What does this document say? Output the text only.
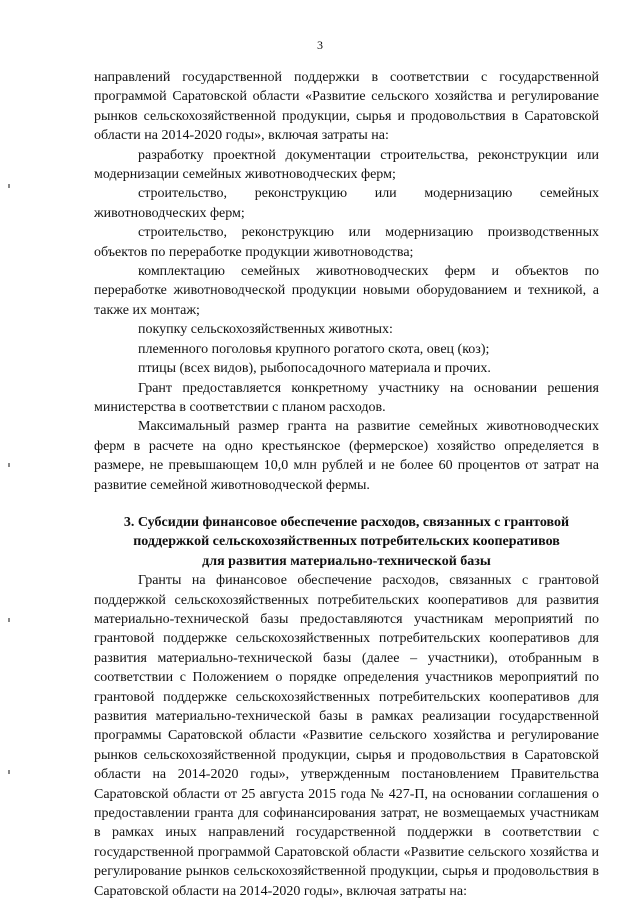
3

направлений государственной поддержки в соответствии с государственной программой Саратовской области «Развитие сельского хозяйства и регулирование рынков сельскохозяйственной продукции, сырья и продовольствия в Саратовской области на 2014-2020 годы», включая затраты на:

разработку проектной документации строительства, реконструкции или модернизации семейных животноводческих ферм;

строительство, реконструкцию или модернизацию семейных животноводческих ферм;

строительство, реконструкцию или модернизацию производственных объектов по переработке продукции животноводства;

комплектацию семейных животноводческих ферм и объектов по переработке животноводческой продукции новыми оборудованием и техникой, а также их монтаж;

покупку сельскохозяйственных животных:

племенного поголовья крупного рогатого скота, овец (коз);

птицы (всех видов), рыбопосадочного материала и прочих.

Грант предоставляется конкретному участнику на основании решения министерства в соответствии с планом расходов.

Максимальный размер гранта на развитие семейных животноводческих ферм в расчете на одно крестьянское (фермерское) хозяйство определяется в размере, не превышающем 10,0 млн рублей и не более 60 процентов от затрат на развитие семейной животноводческой фермы.

3. Субсидии финансовое обеспечение расходов, связанных с грантовой
поддержкой сельскохозяйственных потребительских кооперативов
для развития материально-технической базы

Гранты на финансовое обеспечение расходов, связанных с грантовой поддержкой сельскохозяйственных потребительских кооперативов для развития материально-технической базы предоставляются участникам мероприятий по грантовой поддержке сельскохозяйственных потребительских кооперативов для развития материально-технической базы (далее – участники), отобранным в соответствии с Положением о порядке определения участников мероприятий по грантовой поддержке сельскохозяйственных потребительских кооперативов для развития материально-технической базы в рамках реализации государственной программы Саратовской области «Развитие сельского хозяйства и регулирование рынков сельскохозяйственной продукции, сырья и продовольствия в Саратовской области на 2014-2020 годы», утвержденным постановлением Правительства Саратовской области от 25 августа 2015 года № 427-П, на основании соглашения о предоставлении гранта для софинансирования затрат, не возмещаемых участникам в рамках иных направлений государственной поддержки в соответствии с государственной программой Саратовской области «Развитие сельского хозяйства и регулирование рынков сельскохозяйственной продукции, сырья и продовольствия в Саратовской области на 2014-2020 годы», включая затраты на:
